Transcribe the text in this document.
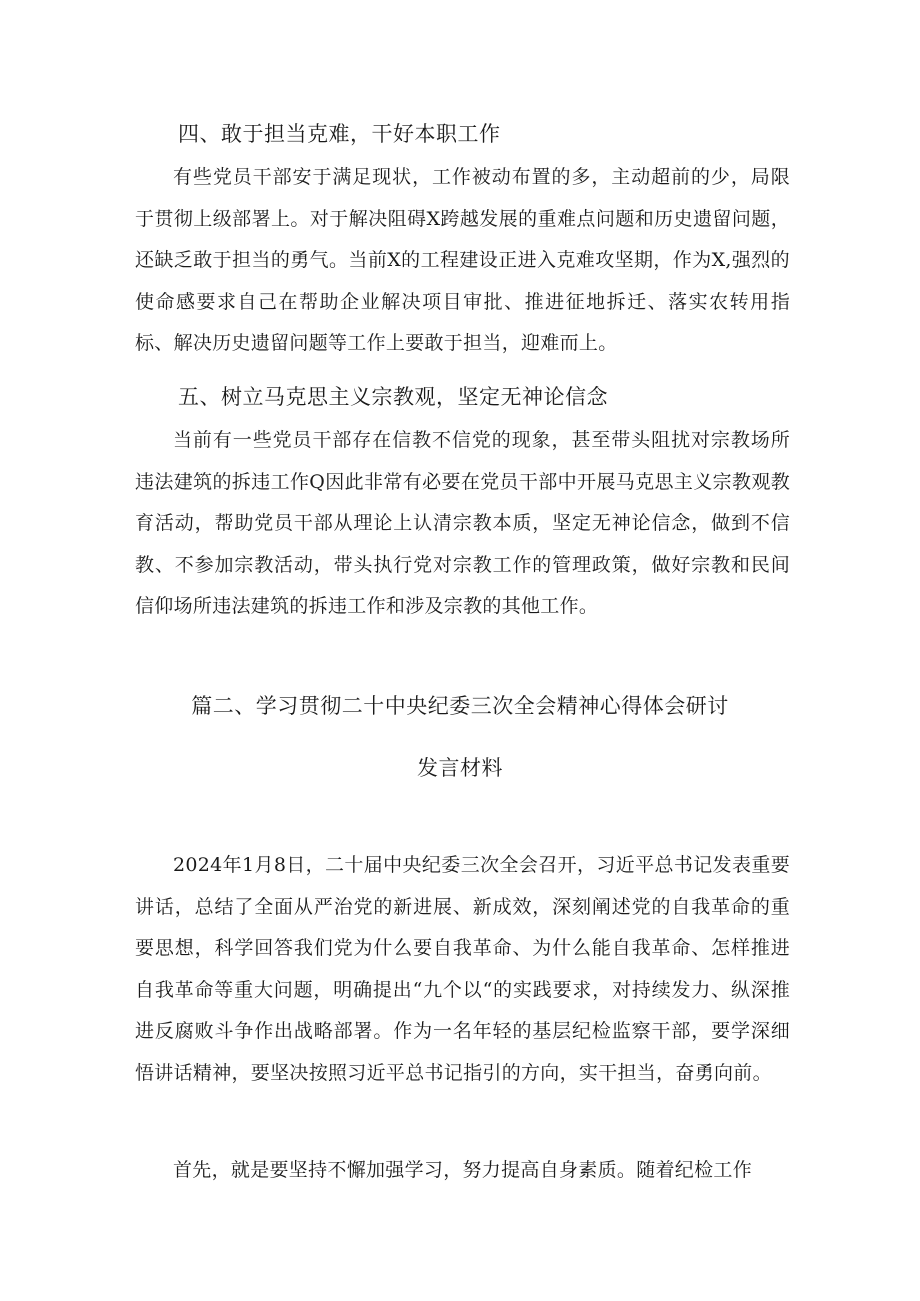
四、敢于担当克难，干好本职工作

有些党员干部安于满足现状，工作被动布置的多，主动超前的少，局限于贯彻上级部署上。对于解决阻碍X跨越发展的重难点问题和历史遗留问题，还缺乏敢于担当的勇气。当前X的工程建设正进入克难攻坚期，作为X,强烈的使命感要求自己在帮助企业解决项目审批、推进征地拆迁、落实农转用指标、解决历史遗留问题等工作上要敢于担当，迎难而上。

五、树立马克思主义宗教观，坚定无神论信念

当前有一些党员干部存在信教不信党的现象，甚至带头阻扰对宗教场所违法建筑的拆违工作Q因此非常有必要在党员干部中开展马克思主义宗教观教育活动，帮助党员干部从理论上认清宗教本质，坚定无神论信念，做到不信教、不参加宗教活动，带头执行党对宗教工作的管理政策，做好宗教和民间信仰场所违法建筑的拆违工作和涉及宗教的其他工作。

篇二、学习贯彻二十中央纪委三次全会精神心得体会研讨
发言材料

2024年1月8日，二十届中央纪委三次全会召开，习近平总书记发表重要讲话，总结了全面从严治党的新进展、新成效，深刻阐述党的自我革命的重要思想，科学回答我们党为什么要自我革命、为什么能自我革命、怎样推进自我革命等重大问题，明确提出“九个以“的实践要求，对持续发力、纵深推进反腐败斗争作出战略部署。作为一名年轻的基层纪检监察干部，要学深细悟讲话精神，要坚决按照习近平总书记指引的方向，实干担当，奋勇向前。

首先，就是要坚持不懈加强学习，努力提高自身素质。随着纪检工作
